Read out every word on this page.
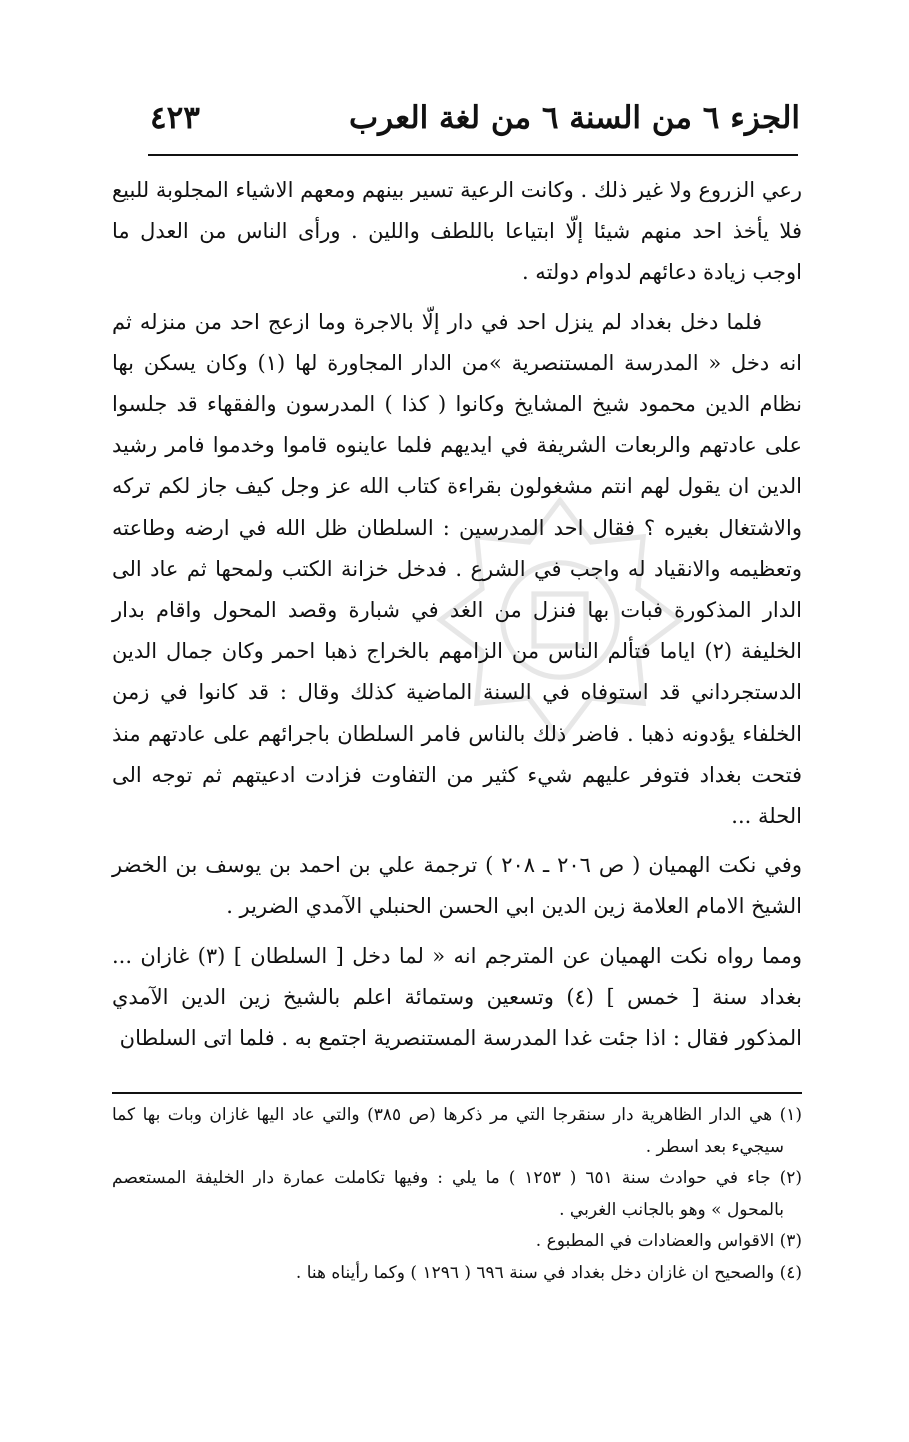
الجزء ٦ من السنة ٦ من لغة العرب
٤٢٣

رعي الزروع ولا غير ذلك . وكانت الرعية تسير بينهم ومعهم الاشياء المجلوبة للبيع فلا يأخذ احد منهم شيئا إلّا ابتياعا باللطف واللين . ورأى الناس من العدل ما اوجب زيادة دعائهم لدوام دولته .

فلما دخل بغداد لم ينزل احد في دار إلّا بالاجرة وما ازعج احد من منزله ثم انه دخل « المدرسة المستنصرية »من الدار المجاورة لها (١) وكان يسكن بها نظام الدين محمود شيخ المشايخ وكانوا ( كذا ) المدرسون والفقهاء قد جلسوا على عادتهم والربعات الشريفة في ايديهم فلما عاينوه قاموا وخدموا فامر رشيد الدين ان يقول لهم انتم مشغولون بقراءة كتاب الله عز وجل كيف جاز لكم تركه والاشتغال بغيره ؟ فقال احد المدرسين : السلطان ظل الله في ارضه وطاعته وتعظيمه والانقياد له واجب في الشرع . فدخل خزانة الكتب ولمحها ثم عاد الى الدار المذكورة فبات بها فنزل من الغد في شبارة وقصد المحول واقام بدار الخليفة (٢) اياما فتألم الناس من الزامهم بالخراج ذهبا احمر وكان جمال الدين الدستجرداني قد استوفاه في السنة الماضية كذلك وقال : قد كانوا في زمن الخلفاء يؤدونه ذهبا . فاضر ذلك بالناس فامر السلطان باجرائهم على عادتهم منذ فتحت بغداد فتوفر عليهم شيء كثير من التفاوت فزادت ادعيتهم ثم توجه الى الحلة ...

وفي نكت الهميان ( ص ٢٠٦ ـ ٢٠٨ ) ترجمة علي بن احمد بن يوسف بن الخضر الشيخ الامام العلامة زين الدين ابي الحسن الحنبلي الآمدي الضرير .

ومما رواه نكت الهميان عن المترجم انه « لما دخل [ السلطان ] (٣) غازان ... بغداد سنة [ خمس ] (٤) وتسعين وستمائة اعلم بالشيخ زين الدين الآمدي المذكور فقال : اذا جئت غدا المدرسة المستنصرية اجتمع به . فلما اتى السلطان

(١) هي الدار الظاهرية دار سنقرجا التي مر ذكرها (ص ٣٨٥) والتي عاد اليها غازان وبات بها كما سيجيء بعد اسطر .

(٢) جاء في حوادث سنة ٦٥١ ( ١٢٥٣ ) ما يلي : وفيها تكاملت عمارة دار الخليفة المستعصم بالمحول » وهو بالجانب الغربي .

(٣) الاقواس والعضادات في المطبوع .

(٤) والصحيح ان غازان دخل بغداد في سنة ٦٩٦ ( ١٢٩٦ ) وكما رأيناه هنا .
